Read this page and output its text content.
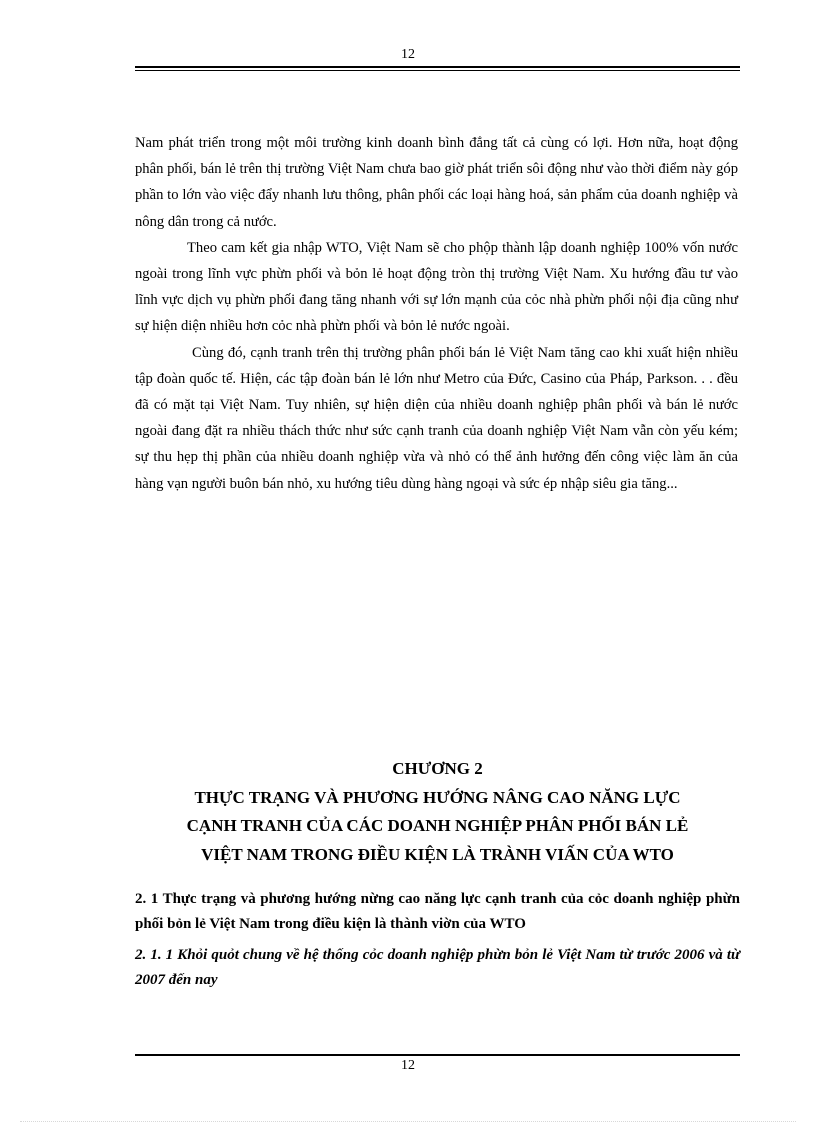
12

Nam phát triển trong một môi trường kinh doanh bình đẳng tất cả cùng có lợi. Hơn nữa, hoạt động phân phối, bán lẻ trên thị trường Việt Nam chưa bao giờ phát triển sôi động như vào thời điểm này góp phần to lớn vào việc đẩy nhanh lưu thông, phân phối các loại hàng hoá, sản phẩm của doanh nghiệp và nông dân trong cả nước.

Theo cam kết gia nhập WTO, Việt Nam sẽ cho phộp thành lập doanh nghiệp 100% vốn nước ngoài trong lĩnh vực phừn phối và bỏn lẻ hoạt động tròn thị trường Việt Nam. Xu hướng đầu tư vào lĩnh vực dịch vụ phừn phối đang tăng nhanh với sự lớn mạnh của cỏc nhà phừn phối nội địa cũng như sự hiện diện nhiều hơn cỏc nhà phừn phối và bỏn lẻ nước ngoài.

Cùng đó, cạnh tranh trên thị trường phân phối bán lẻ Việt Nam tăng cao khi xuất hiện nhiều tập đoàn quốc tế. Hiện, các tập đoàn bán lẻ lớn như Metro của Đức, Casino của Pháp, Parkson. . . đều đã có mặt tại Việt Nam. Tuy nhiên, sự hiện diện của nhiều doanh nghiệp phân phối và bán lẻ nước ngoài đang đặt ra nhiều thách thức như sức cạnh tranh của doanh nghiệp Việt Nam vẫn còn yếu kém; sự thu hẹp thị phần của nhiều doanh nghiệp vừa và nhỏ có thể ảnh hưởng đến công việc làm ăn của hàng vạn người buôn bán nhỏ, xu hướng tiêu dùng hàng ngoại và sức ép nhập siêu gia tăng...

CHƯƠNG 2
THỰC TRẠNG VÀ PHƯƠNG HƯỚNG NÂNG CAO NĂNG LỰC
CẠNH TRANH CỦA CÁC DOANH NGHIỆP PHÂN PHỐI BÁN LẺ
VIỆT NAM TRONG ĐIỀU KIỆN LÀ TRÀNH VIẤN CỦA WTO
2. 1 Thực trạng và phương hướng nừng cao năng lực cạnh tranh của cỏc doanh nghiệp phừn phối bỏn lẻ Việt Nam trong điều kiện là thành viờn của WTO
2. 1. 1 Khỏi quỏt chung về hệ thống cỏc doanh nghiệp phừn bỏn lẻ Việt Nam từ trước 2006 và từ 2007 đến nay
12
